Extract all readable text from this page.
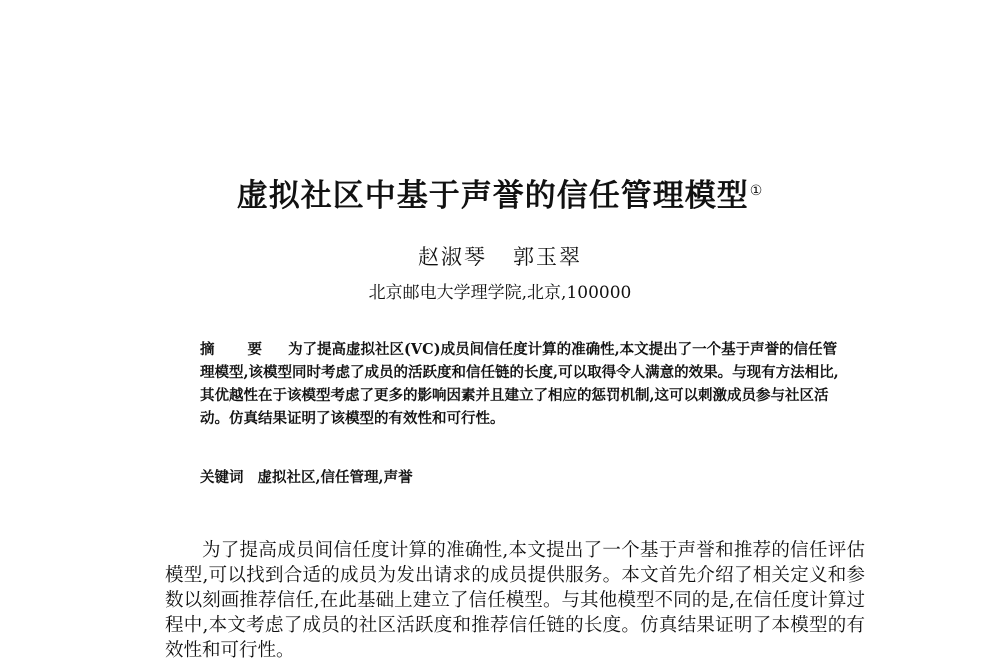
虚拟社区中基于声誉的信任管理模型①
赵淑琴 郭玉翠
北京邮电大学理学院,北京,100000
摘 要 为了提高虚拟社区(VC)成员间信任度计算的准确性,本文提出了一个基于声誉的信任管理模型,该模型同时考虑了成员的活跃度和信任链的长度,可以取得令人满意的效果。与现有方法相比,其优越性在于该模型考虑了更多的影响因素并且建立了相应的惩罚机制,这可以刺激成员参与社区活动。仿真结果证明了该模型的有效性和可行性。
关键词 虚拟社区,信任管理,声誉

为了提高成员间信任度计算的准确性,本文提出了一个基于声誉和推荐的信任评估模型,可以找到合适的成员为发出请求的成员提供服务。本文首先介绍了相关定义和参数以刻画推荐信任,在此基础上建立了信任模型。与其他模型不同的是,在信任度计算过程中,本文考虑了成员的社区活跃度和推荐信任链的长度。仿真结果证明了本模型的有效性和可行性。
